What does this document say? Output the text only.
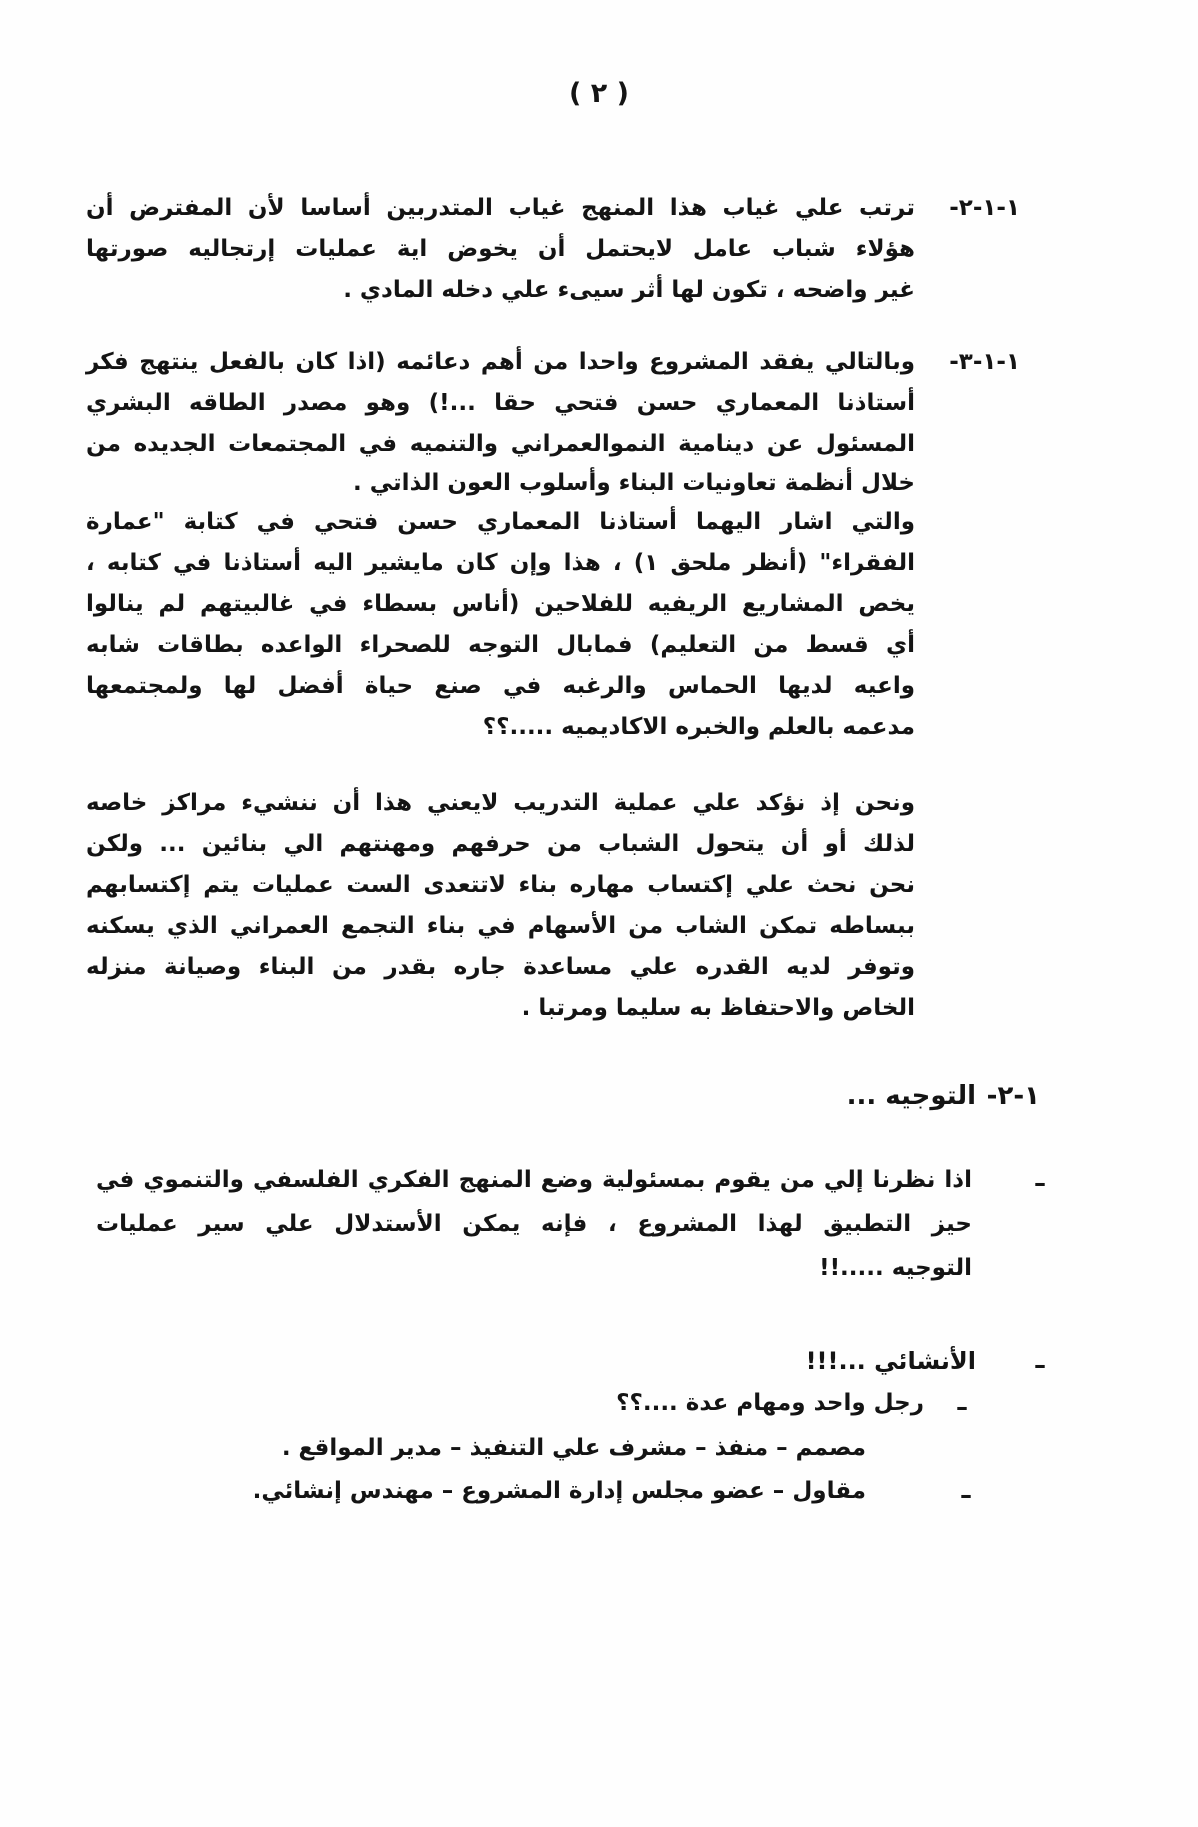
( ٢ )
١-١-٢-
ترتب علي غياب هذا المنهج غياب المتدربين أساسا لأن المفترض أن
هؤلاء شباب عامل لايحتمل أن يخوض اية عمليات إرتجاليه صورتها
غير واضحه ، تكون لها أثر سيىء علي دخله المادي .
١-١-٣-
وبالتالي يفقد المشروع واحدا من أهم دعائمه (اذا كان بالفعل ينتهج فكر
أستاذنا المعماري حسن فتحي حقا ...!) وهو مصدر الطاقه البشري
المسئول عن دينامية النموالعمراني والتنميه في المجتمعات الجديده من
خلال أنظمة تعاونيات البناء وأسلوب العون الذاتي .
والتي اشار اليهما أستاذنا المعماري حسن فتحي في كتابة "عمارة
الفقراء" (أنظر ملحق ١) ، هذا وإن كان مايشير اليه أستاذنا في كتابه ،
يخص المشاريع الريفيه للفلاحين (أناس بسطاء في غالبيتهم لم ينالوا
أي قسط من التعليم) فمابال التوجه للصحراء الواعده بطاقات شابه
واعيه لديها الحماس والرغبه في صنع حياة أفضل لها ولمجتمعها
مدعمه بالعلم والخبره الاكاديميه .....؟؟
ونحن إذ نؤكد علي عملية التدريب لايعني هذا أن ننشيء مراكز خاصه
لذلك أو أن يتحول الشباب من حرفهم ومهنتهم الي بنائين ... ولكن
نحن نحث علي إكتساب مهاره بناء لاتتعدى الست عمليات يتم إكتسابهم
ببساطه تمكن الشاب من الأسهام في بناء التجمع العمراني الذي يسكنه
وتوفر لديه القدره علي مساعدة جاره بقدر من البناء وصيانة منزله
الخاص والاحتفاظ به سليما ومرتبا .
١-٢-
التوجيه ...
–
اذا نظرنا إلي من يقوم بمسئولية وضع المنهج الفكري الفلسفي والتنموي في
حيز التطبيق لهذا المشروع ، فإنه يمكن الأستدلال علي سير عمليات
التوجيه .....!!
–
الأنشائي ...!!!
–
رجل واحد ومهام عدة ....؟؟
مصمم – منفذ – مشرف علي التنفيذ – مدير المواقع .
–
مقاول – عضو مجلس إدارة المشروع – مهندس إنشائي.
